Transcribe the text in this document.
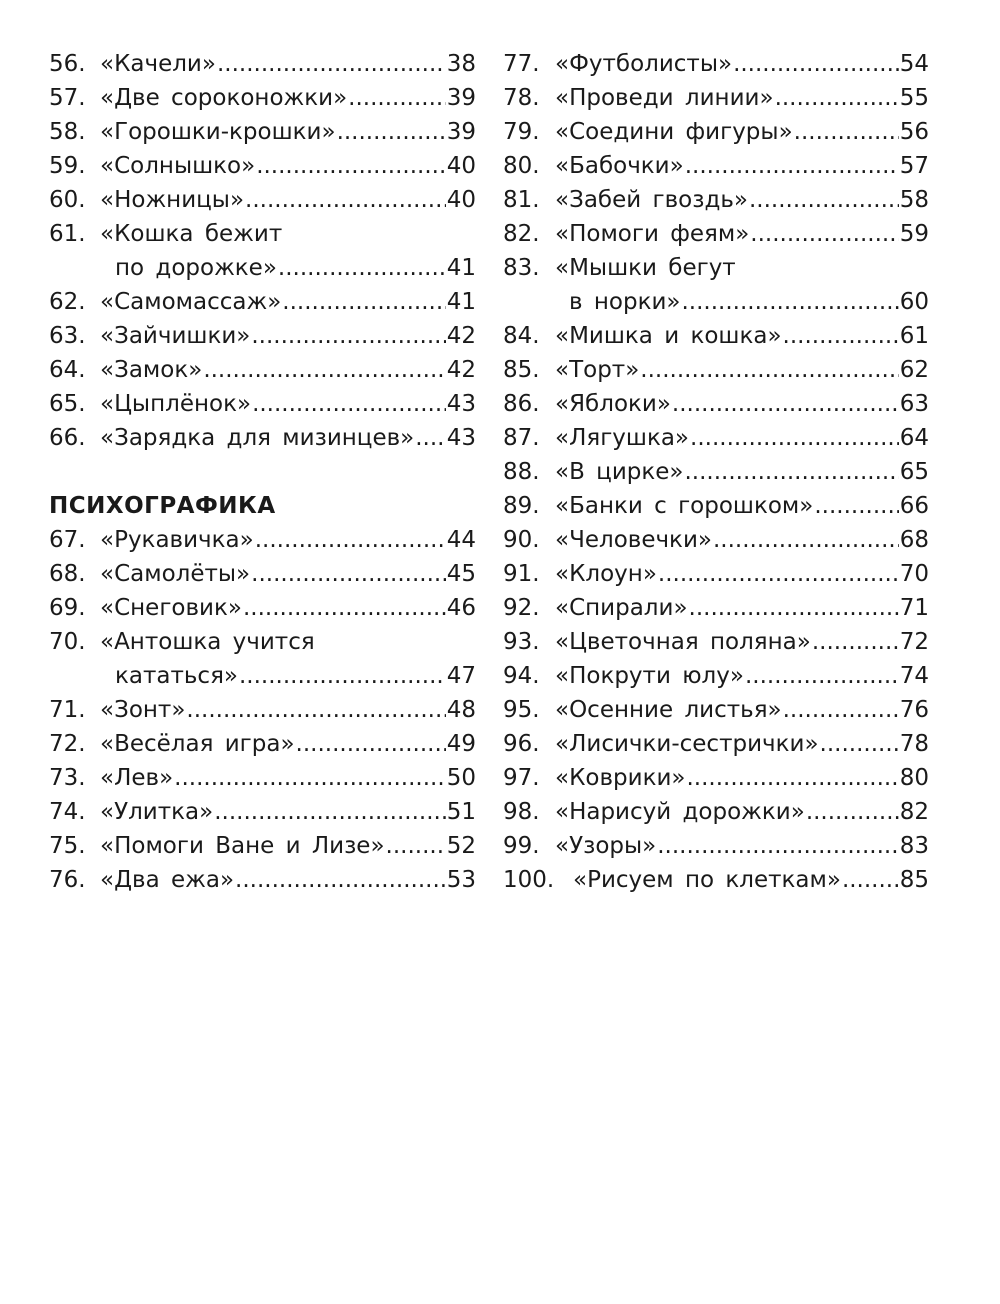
56. «Качели» .....	38
57. «Две сороконожки» .....	39
58. «Горошки-крошки» .....	39
59. «Солнышко» .....	40
60. «Ножницы» .....	40
61. «Кошка бежит
по дорожке» .....	41
62. «Самомассаж» .....	41
63. «Зайчишки» .....	42
64. «Замок» .....	42
65. «Цыплёнок» .....	43
66. «Зарядка для мизинцев» ..... 43
ПСИХОГРАФИКА
67. «Рукавичка» .....	44
68. «Самолёты» .....	45
69. «Снеговик» .....	46
70. «Антошка учится
кататься» .....	47
71. «Зонт» .....	48
72. «Весёлая игра» .....	49
73. «Лев» .....	50
74. «Улитка» .....	51
75. «Помоги Ване и Лизе» .....	52
76. «Два ежа» .....	53
77. «Футболисты» .....	54
78. «Проведи линии» .....	55
79. «Соедини фигуры» .....	56
80. «Бабочки» .....	57
81. «Забей гвоздь» .....	58
82. «Помоги феям» .....	59
83. «Мышки бегут
в норки» .....	60
84. «Мишка и кошка» .....	61
85. «Торт» .....	62
86. «Яблоки» .....	63
87. «Лягушка» .....	64
88. «В цирке» .....	65
89. «Банки с горошком» .....	66
90. «Человечки» .....	68
91. «Клоун» .....	70
92. «Спирали» .....	71
93. «Цветочная поляна» .....	72
94. «Покрути юлу» .....	74
95. «Осенние листья» .....	76
96. «Лисички-сестрички» .....	78
97. «Коврики» .....	80
98. «Нарисуй дорожки» .....	82
99. «Узоры» .....	83
100. «Рисуем по клеткам» .....	85
